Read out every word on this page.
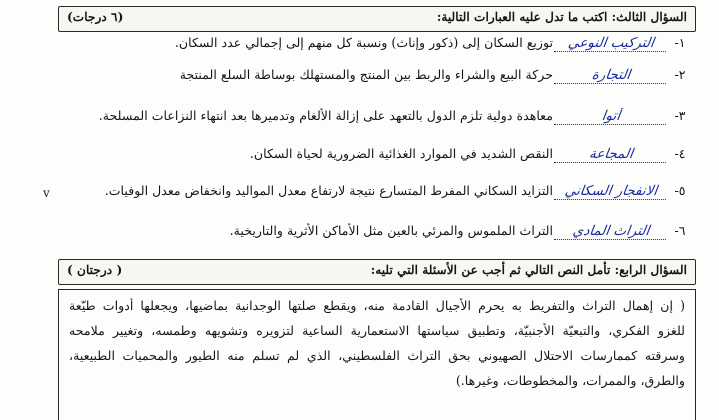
السؤال الثالث: اكتب ما تدل عليه العبارات التالية:
(٦ درجات)
١-التركيب النوعيتوزيع السكان إلى (ذكور وإناث) ونسبة كل منهم إلى إجمالي عدد السكان.
٢-التجارةحركة البيع والشراء والربط بين المنتج والمستهلك بوساطة السلع المنتجة
٣-أتوامعاهدة دولية تلزم الدول بالتعهد على إزالة الألغام وتدميرها بعد انتهاء النزاعات المسلحة.
٤-المجاعةالنقص الشديد في الموارد الغذائية الضرورية لحياة السكان.
٥-الانفجار السكانيالتزايد السكاني المفرط المتسارع نتيجة لارتفاع معدل المواليد وانخفاض معدل الوفيات.
٦-التراث الماديالتراث الملموس والمرئي بالعين مثل الأماكن الأثرية والتاريخية.
v
السؤال الرابع: تأمل النص التالي ثم أجب عن الأسئلة التي تليه:
( درجتان )
( إن إهمال التراث والتفريط به يحرم الأجيال القادمة منه، ويقطع صلتها الوجدانية بماضيها، ويجعلها أدوات طيّعة
للغزو الفكري، والتبعيّة الأجنبيّة، وتطبيق سياستها الاستعمارية الساعية لتزويره وتشويهه وطمسه، وتغيير ملامحه
وسرقته كممارسات الاحتلال الصهيوني بحق التراث الفلسطيني، الذي لم تسلم منه الطيور والمحميات الطبيعية،
والطرق، والممرات، والمخطوطات، وغيرها.)
